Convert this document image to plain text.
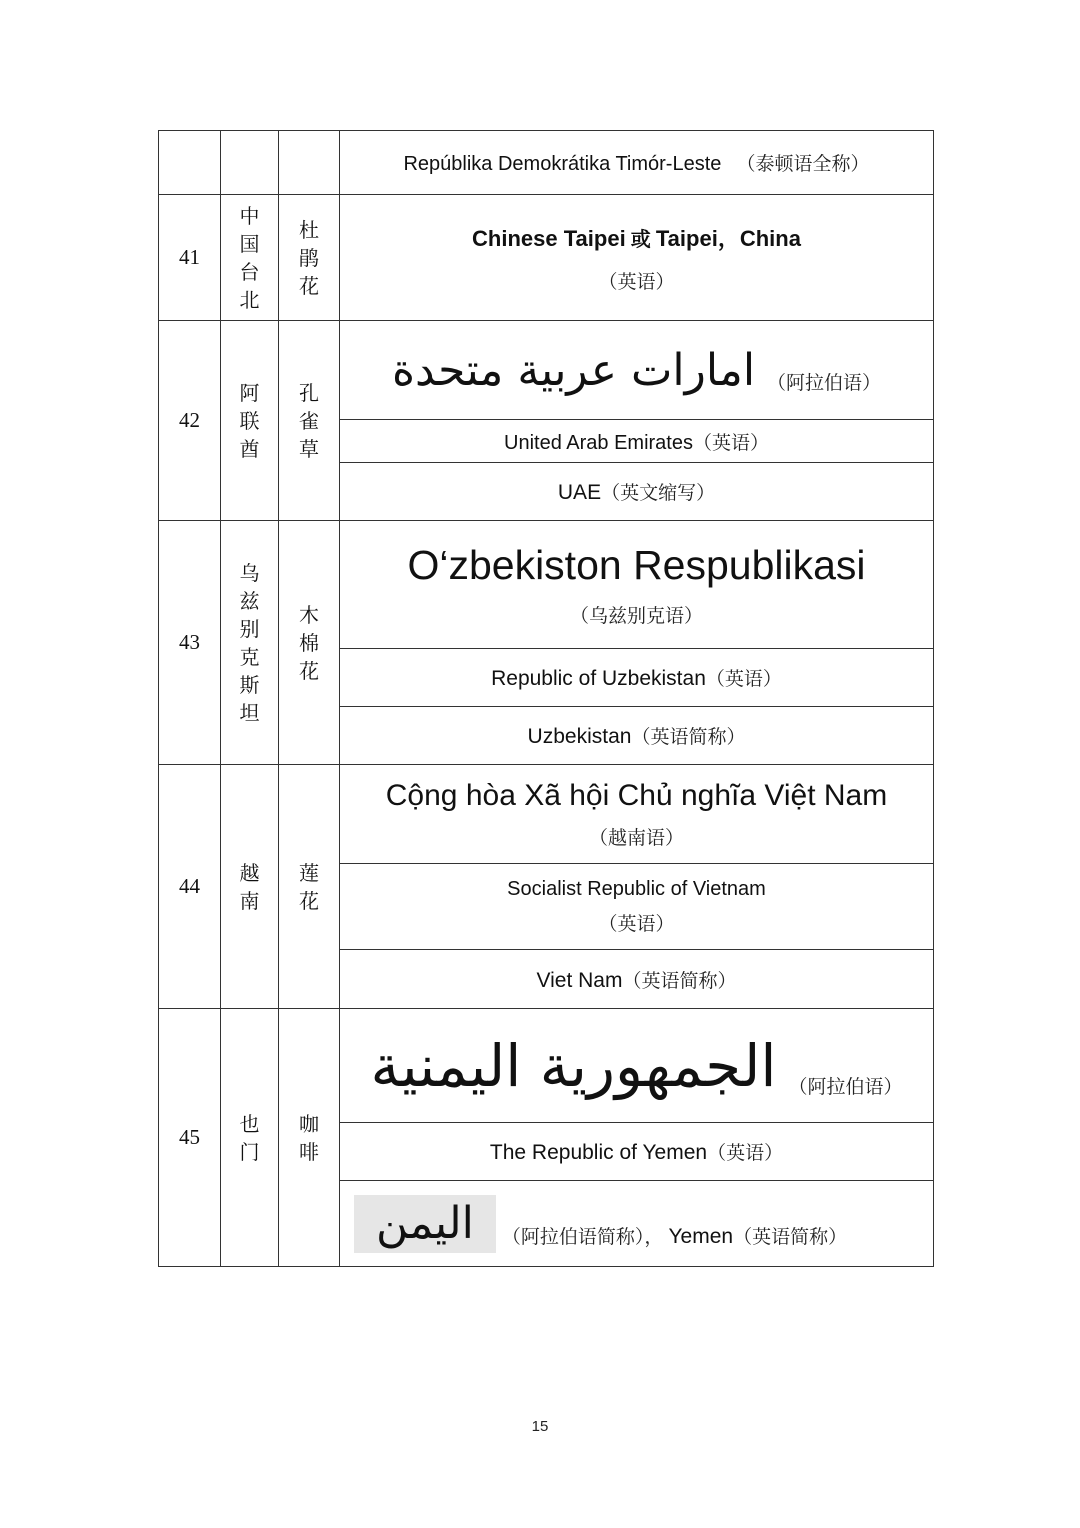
			Repúblika Demokrátika Timór-Leste （泰顿语全称）
41	中国台北	杜鹃花	Chinese Taipei 或 Taipei，China
（英语）

42	阿联酋	孔雀草	امارات عربية متحدة （阿拉伯语）

			United Arab Emirates（英语）
			UAE（英文缩写）
43	乌兹别克斯坦	木棉花	O‘zbekiston Respublikasi
（乌兹别克语）

			Republic of Uzbekistan（英语）
			Uzbekistan（英语简称）
44	越南	莲花	Cộng hòa Xã hội Chủ nghĩa Việt Nam
（越南语）

			Socialist Republic of Vietnam
（英语）

			Viet Nam（英语简称）
45	也门	咖啡	الجمهورية اليمنية （阿拉伯语）

			The Republic of Yemen（英语）

			اليمن （阿拉伯语简称）， Yemen（英语简称）
15
